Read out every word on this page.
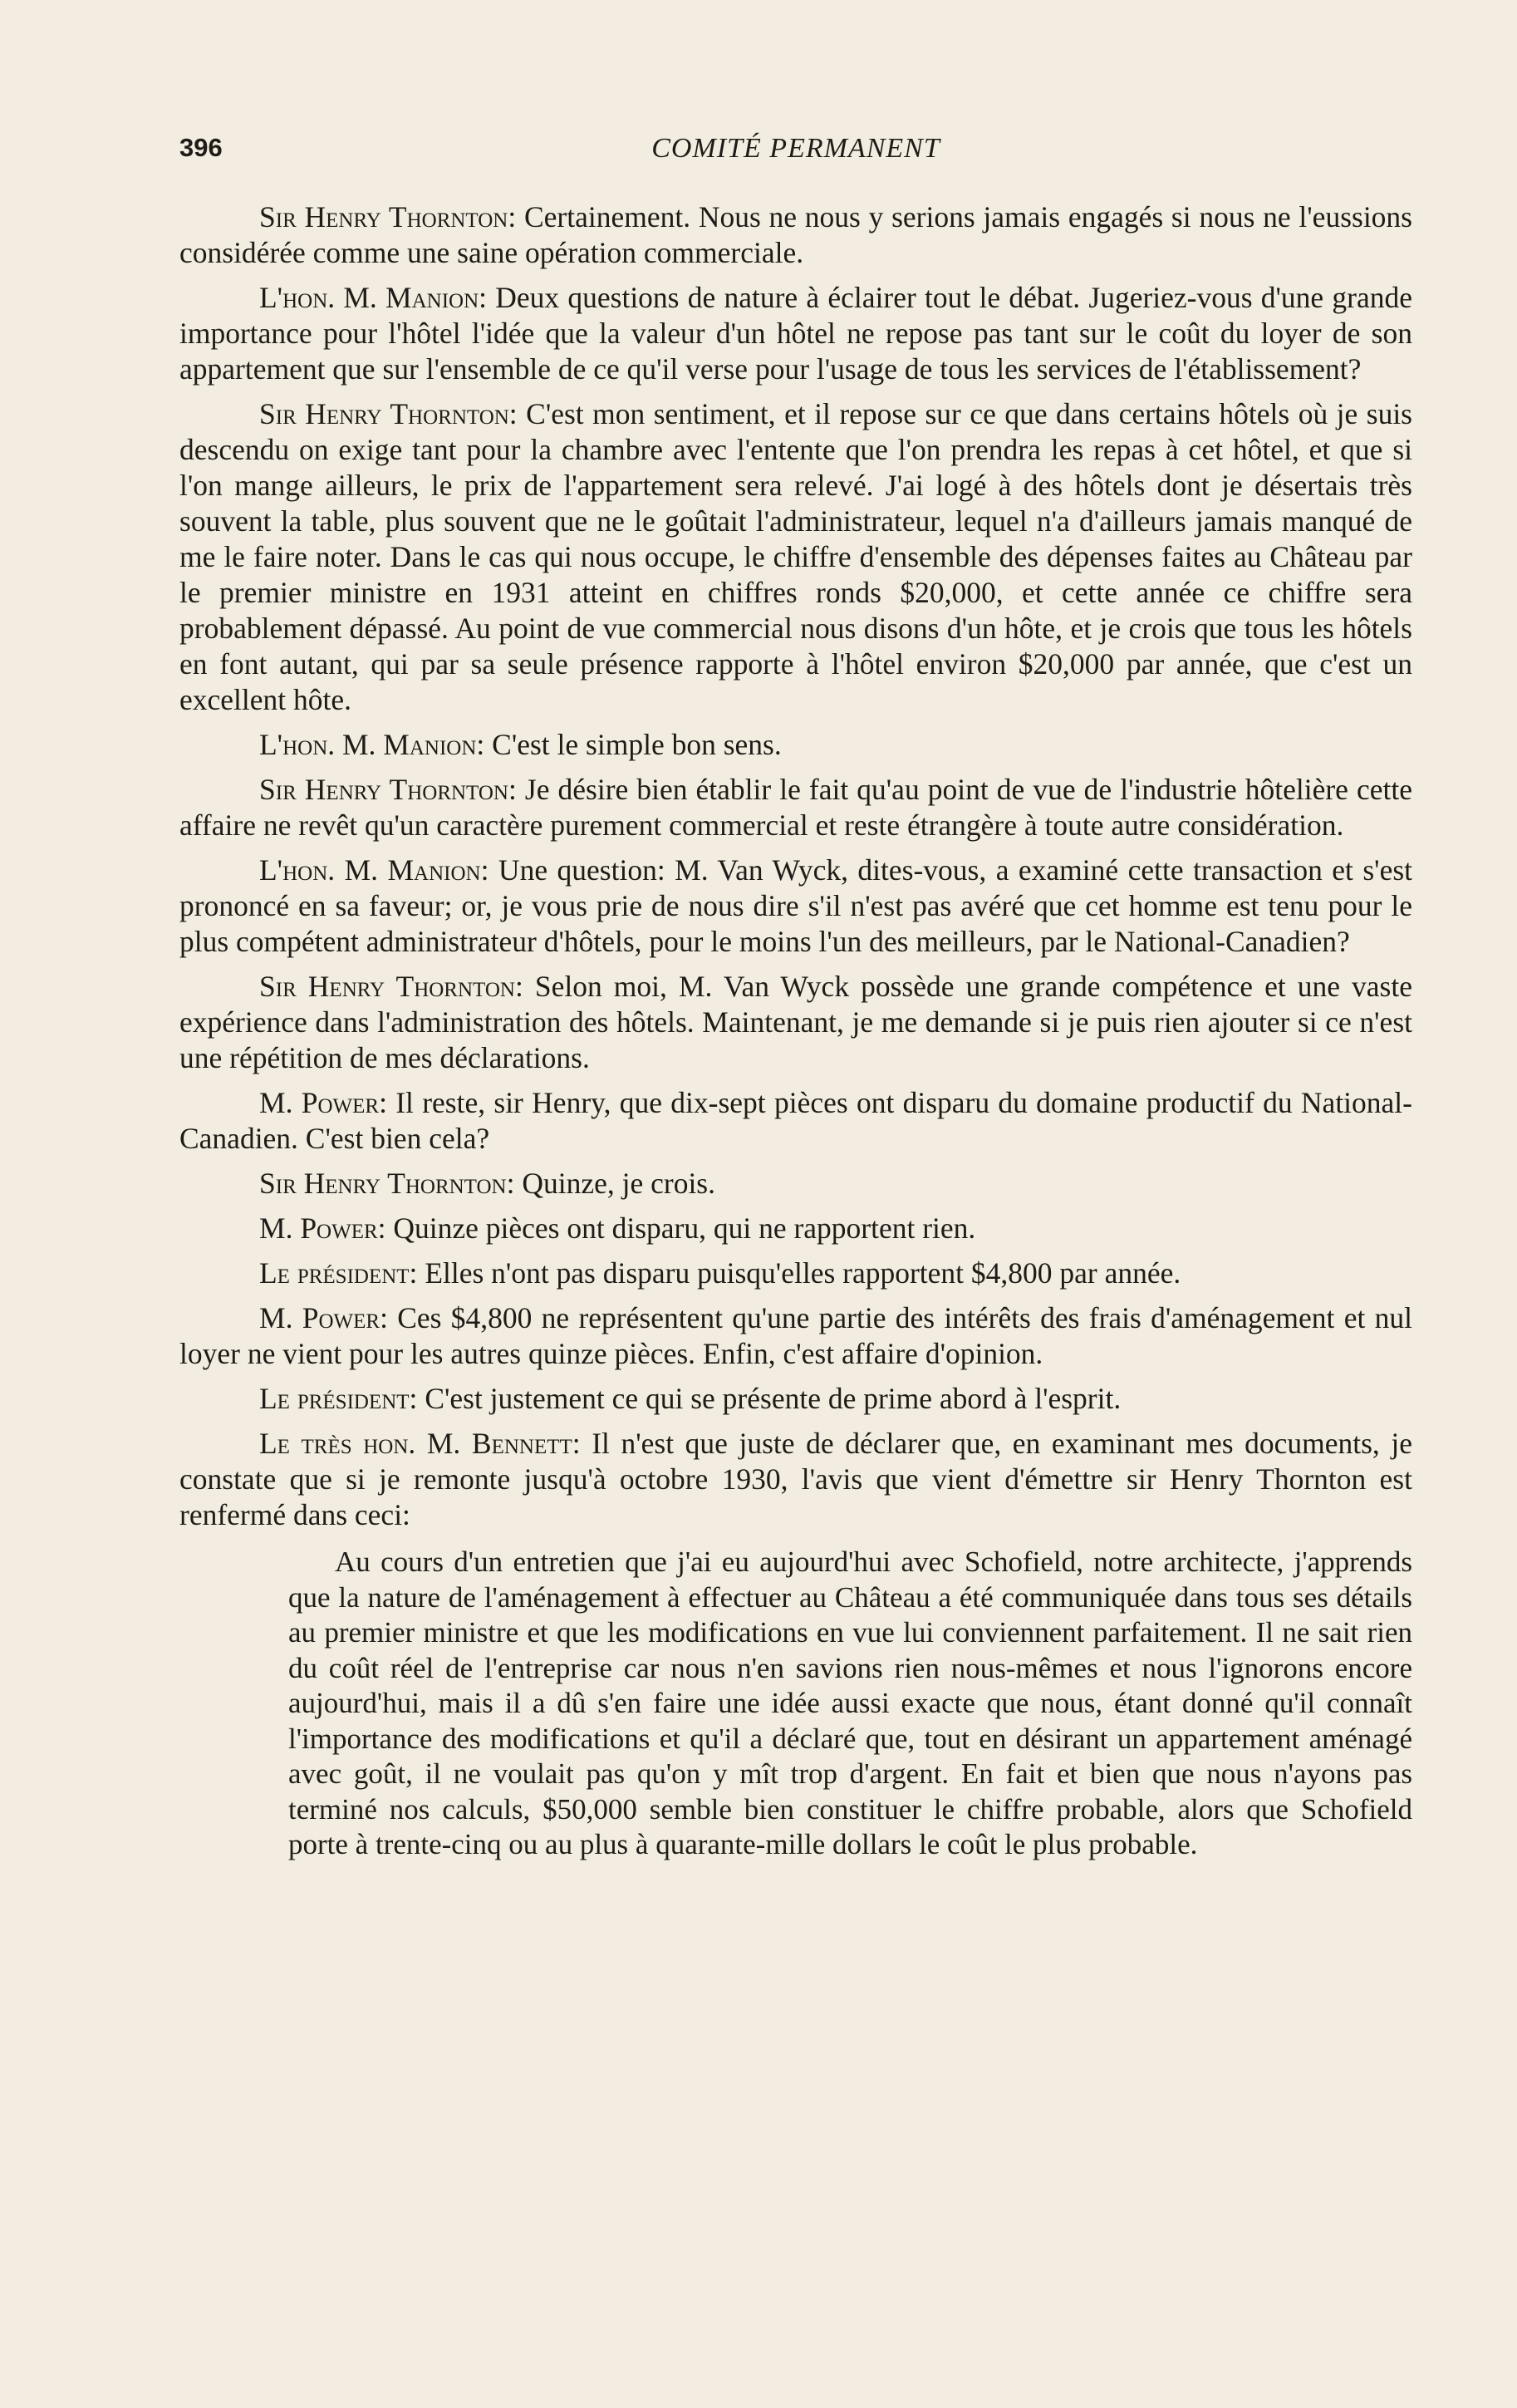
396	COMITÉ PERMANENT

Sir Henry Thornton: Certainement. Nous ne nous y serions jamais engagés si nous ne l'eussions considérée comme une saine opération commerciale.

L'hon. M. Manion: Deux questions de nature à éclairer tout le débat. Jugeriez-vous d'une grande importance pour l'hôtel l'idée que la valeur d'un hôtel ne repose pas tant sur le coût du loyer de son appartement que sur l'ensemble de ce qu'il verse pour l'usage de tous les services de l'établissement?

Sir Henry Thornton: C'est mon sentiment, et il repose sur ce que dans certains hôtels où je suis descendu on exige tant pour la chambre avec l'entente que l'on prendra les repas à cet hôtel, et que si l'on mange ailleurs, le prix de l'appartement sera relevé. J'ai logé à des hôtels dont je désertais très souvent la table, plus souvent que ne le goûtait l'administrateur, lequel n'a d'ailleurs jamais manqué de me le faire noter. Dans le cas qui nous occupe, le chiffre d'ensemble des dépenses faites au Château par le premier ministre en 1931 atteint en chiffres ronds $20,000, et cette année ce chiffre sera probablement dépassé. Au point de vue commercial nous disons d'un hôte, et je crois que tous les hôtels en font autant, qui par sa seule présence rapporte à l'hôtel environ $20,000 par année, que c'est un excellent hôte.

L'hon. M. Manion: C'est le simple bon sens.

Sir Henry Thornton: Je désire bien établir le fait qu'au point de vue de l'industrie hôtelière cette affaire ne revêt qu'un caractère purement commercial et reste étrangère à toute autre considération.

L'hon. M. Manion: Une question: M. Van Wyck, dites-vous, a examiné cette transaction et s'est prononcé en sa faveur; or, je vous prie de nous dire s'il n'est pas avéré que cet homme est tenu pour le plus compétent administrateur d'hôtels, pour le moins l'un des meilleurs, par le National-Canadien?

Sir Henry Thornton: Selon moi, M. Van Wyck possède une grande compétence et une vaste expérience dans l'administration des hôtels. Maintenant, je me demande si je puis rien ajouter si ce n'est une répétition de mes déclarations.

M. Power: Il reste, sir Henry, que dix-sept pièces ont disparu du domaine productif du National-Canadien. C'est bien cela?

Sir Henry Thornton: Quinze, je crois.

M. Power: Quinze pièces ont disparu, qui ne rapportent rien.

Le président: Elles n'ont pas disparu puisqu'elles rapportent $4,800 par année.

M. Power: Ces $4,800 ne représentent qu'une partie des intérêts des frais d'aménagement et nul loyer ne vient pour les autres quinze pièces. Enfin, c'est affaire d'opinion.

Le président: C'est justement ce qui se présente de prime abord à l'esprit.

Le très hon. M. Bennett: Il n'est que juste de déclarer que, en examinant mes documents, je constate que si je remonte jusqu'à octobre 1930, l'avis que vient d'émettre sir Henry Thornton est renfermé dans ceci:

Au cours d'un entretien que j'ai eu aujourd'hui avec Schofield, notre architecte, j'apprends que la nature de l'aménagement à effectuer au Château a été communiquée dans tous ses détails au premier ministre et que les modifications en vue lui conviennent parfaitement. Il ne sait rien du coût réel de l'entreprise car nous n'en savions rien nous-mêmes et nous l'ignorons encore aujourd'hui, mais il a dû s'en faire une idée aussi exacte que nous, étant donné qu'il connaît l'importance des modifications et qu'il a déclaré que, tout en désirant un appartement aménagé avec goût, il ne voulait pas qu'on y mît trop d'argent. En fait et bien que nous n'ayons pas terminé nos calculs, $50,000 semble bien constituer le chiffre probable, alors que Schofield porte à trente-cinq ou au plus à quarante-mille dollars le coût le plus probable.
